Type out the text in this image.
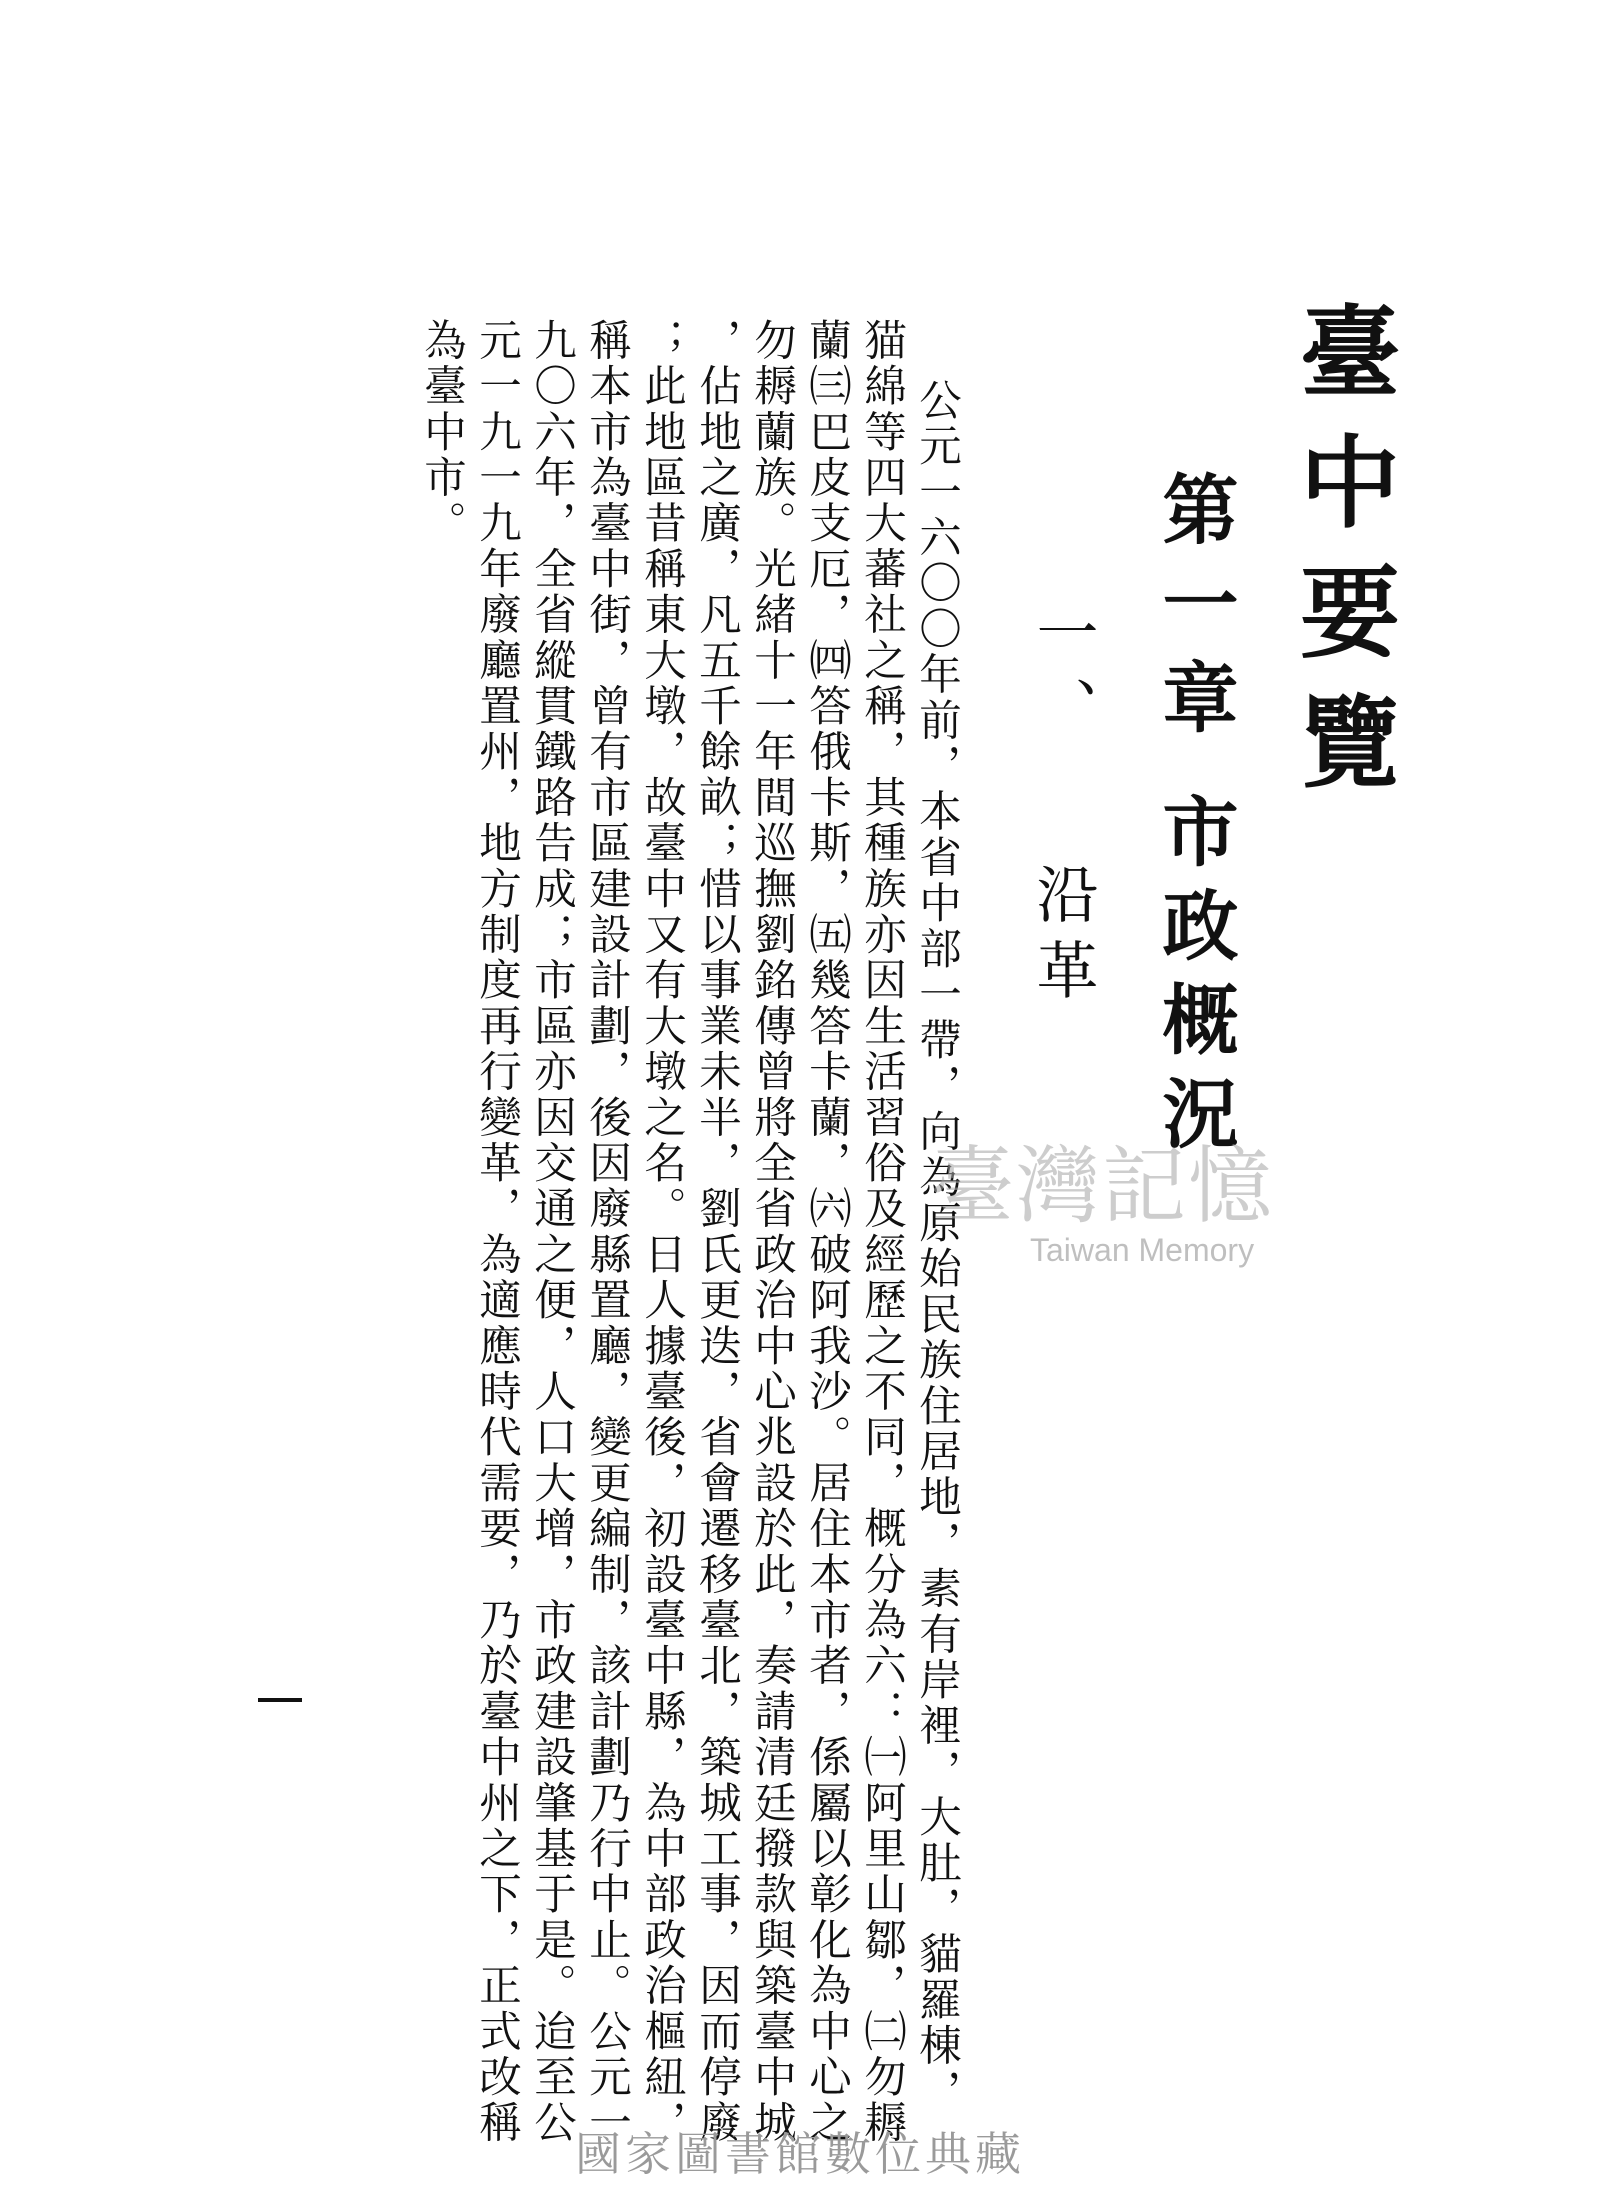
臺中要覽
第一章市政概況
一、沿革

公元一六〇〇年前，本省中部一帶，向為原始民族住居地，素有岸裡，大肚，貓羅棟，

猫綿等四大蕃社之稱，其種族亦因生活習俗及經歷之不同，概分為六：㈠阿里山鄒，㈡勿耨

蘭㈢巴皮支厄，㈣答俄卡斯，㈤幾答卡蘭，㈥破阿我沙。居住本市者，係屬以彰化為中心之

勿耨蘭族。光緒十一年間巡撫劉銘傳曾將全省政治中心兆設於此，奏請清廷撥款與築臺中城

，佔地之廣，凡五千餘畝；惜以事業未半，劉氏更迭，省會遷移臺北，築城工事，因而停廢

；此地區昔稱東大墩，故臺中又有大墩之名。日人據臺後，初設臺中縣，為中部政治樞紐，

稱本市為臺中街，曾有市區建設計劃，後因廢縣置廳，變更編制，該計劃乃行中止。公元一

九〇六年，全省縱貫鐵路告成；市區亦因交通之便，人口大增，市政建設肇基于是。迨至公

元一九一九年廢廳置州，地方制度再行變革，為適應時代需要，乃於臺中州之下，正式改稱

為臺中市。

臺灣記憶
Taiwan Memory
國家圖書館數位典藏
